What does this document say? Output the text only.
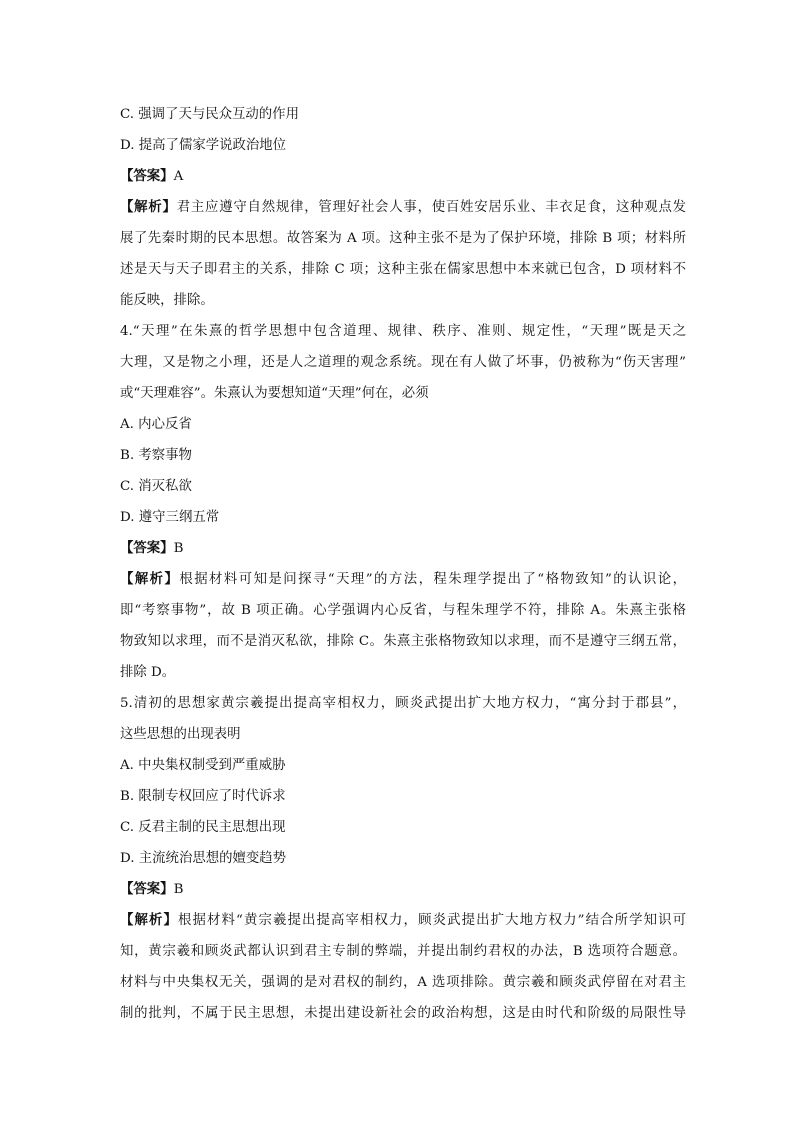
C. 强调了天与民众互动的作用
D. 提高了儒家学说政治地位
【答案】A
【解析】君主应遵守自然规律，管理好社会人事，使百姓安居乐业、丰衣足食，这种观点发
展了先秦时期的民本思想。故答案为 A 项。这种主张不是为了保护环境，排除 B 项；材料所
述是天与天子即君主的关系，排除 C 项；这种主张在儒家思想中本来就已包含，D 项材料不
能反映，排除。
4.“天理”在朱熹的哲学思想中包含道理、规律、秩序、准则、规定性，“天理”既是天之
大理，又是物之小理，还是人之道理的观念系统。现在有人做了坏事，仍被称为“伤天害理”
或“天理难容”。朱熹认为要想知道“天理”何在，必须
A. 内心反省
B. 考察事物
C. 消灭私欲
D. 遵守三纲五常
【答案】B
【解析】根据材料可知是问探寻“天理”的方法，程朱理学提出了“格物致知”的认识论，
即“考察事物”，故 B 项正确。心学强调内心反省，与程朱理学不符，排除 A。朱熹主张格
物致知以求理，而不是消灭私欲，排除 C。朱熹主张格物致知以求理，而不是遵守三纲五常，
排除 D。
5.清初的思想家黄宗羲提出提高宰相权力，顾炎武提出扩大地方权力，“寓分封于郡县”，
这些思想的出现表明
A. 中央集权制受到严重威胁
B. 限制专权回应了时代诉求
C. 反君主制的民主思想出现
D. 主流统治思想的嬗变趋势
【答案】B
【解析】根据材料“黄宗羲提出提高宰相权力，顾炎武提出扩大地方权力”结合所学知识可
知，黄宗羲和顾炎武都认识到君主专制的弊端，并提出制约君权的办法，B 选项符合题意。
材料与中央集权无关，强调的是对君权的制约，A 选项排除。黄宗羲和顾炎武停留在对君主
制的批判，不属于民主思想，未提出建设新社会的政治构想，这是由时代和阶级的局限性导
